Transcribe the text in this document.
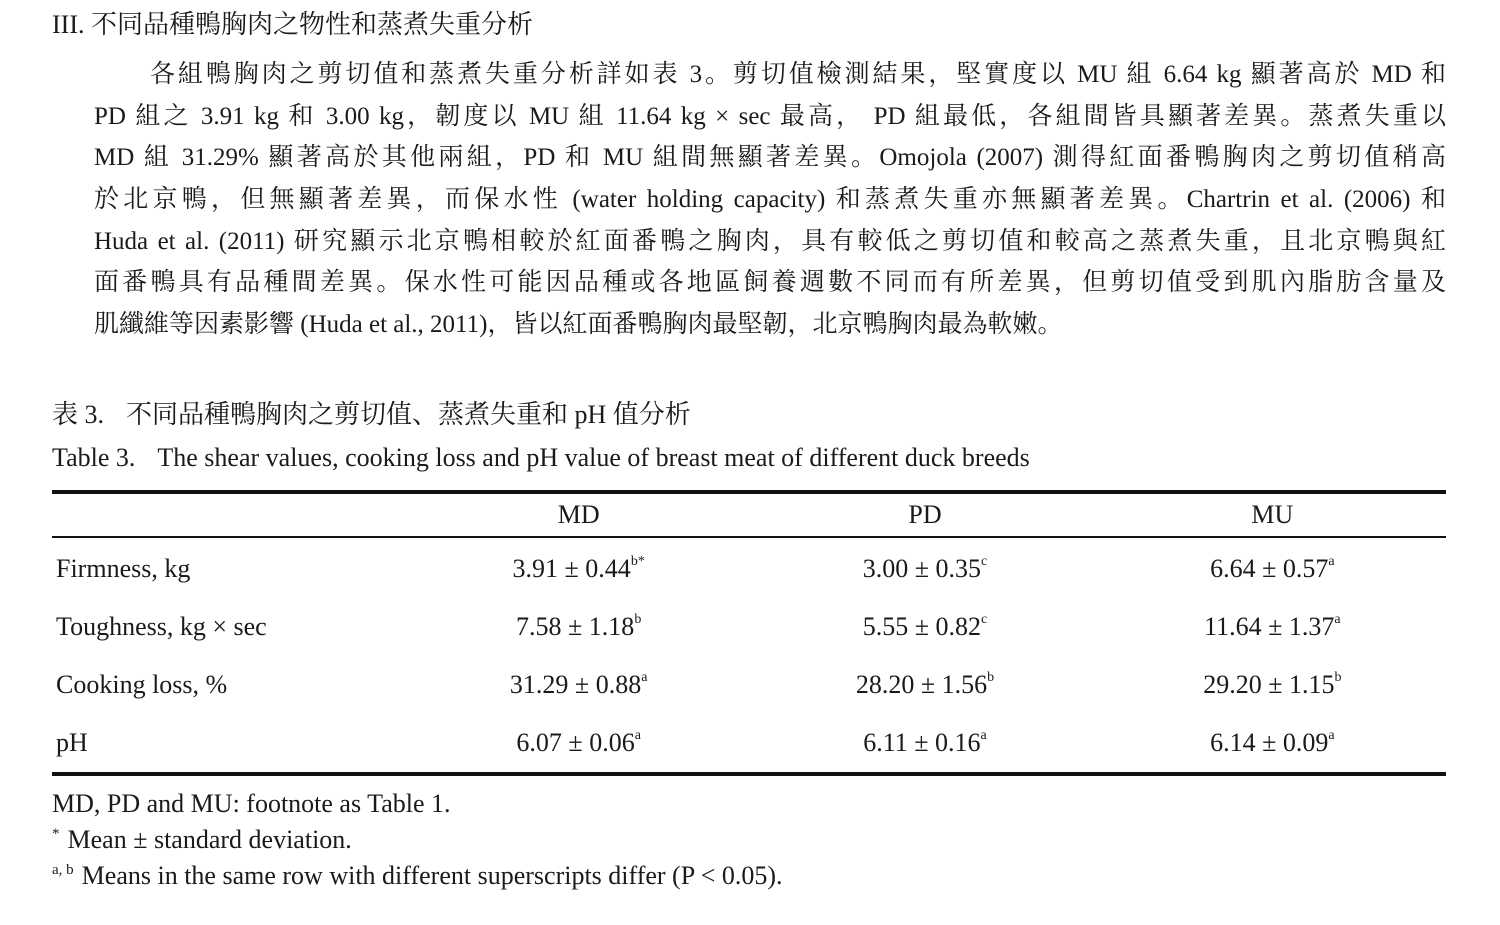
III. 不同品種鴨胸肉之物性和蒸煮失重分析
各組鴨胸肉之剪切值和蒸煮失重分析詳如表 3。剪切值檢測結果，堅實度以 MU 組 6.64 kg 顯著高於 MD 和
PD 組之 3.91 kg 和 3.00 kg，韌度以 MU 組 11.64 kg × sec 最高， PD 組最低，各組間皆具顯著差異。蒸煮失重以
MD 組 31.29% 顯著高於其他兩組，PD 和 MU 組間無顯著差異。Omojola (2007) 測得紅面番鴨胸肉之剪切值稍高
於北京鴨，但無顯著差異，而保水性 (water holding capacity) 和蒸煮失重亦無顯著差異。Chartrin et al. (2006) 和
Huda et al. (2011) 研究顯示北京鴨相較於紅面番鴨之胸肉，具有較低之剪切值和較高之蒸煮失重，且北京鴨與紅
面番鴨具有品種間差異。保水性可能因品種或各地區飼養週數不同而有所差異，但剪切值受到肌內脂肪含量及
肌纖維等因素影響 (Huda et al., 2011)，皆以紅面番鴨胸肉最堅韌，北京鴨胸肉最為軟嫩。
表 3. 不同品種鴨胸肉之剪切值、蒸煮失重和 pH 值分析
Table 3. The shear values, cooking loss and pH value of breast meat of different duck breeds
	MD	PD	MU
Firmness, kg	$3.91 \pm 0.44^{b*}$	3.00 ± 0.35$^c$	6.64 ± 0.57$^a$
Toughness, kg × sec	7.58 ± 1.18$^b$	5.55 ± 0.82$^c$	11.64 ± 1.37$^a$
Cooking loss, %	31.29 ± 0.88$^a$	28.20 ± 1.56$^b$	29.20 ± 1.15$^b$
pH	6.07 ± 0.06$^a$	6.11 ± 0.16$^a$	6.14 ± 0.09$^a$
MD, PD and MU: footnote as Table 1.
* Mean ± standard deviation.
$^{a, b}$ Means in the same row with different superscripts differ (P < 0.05).
